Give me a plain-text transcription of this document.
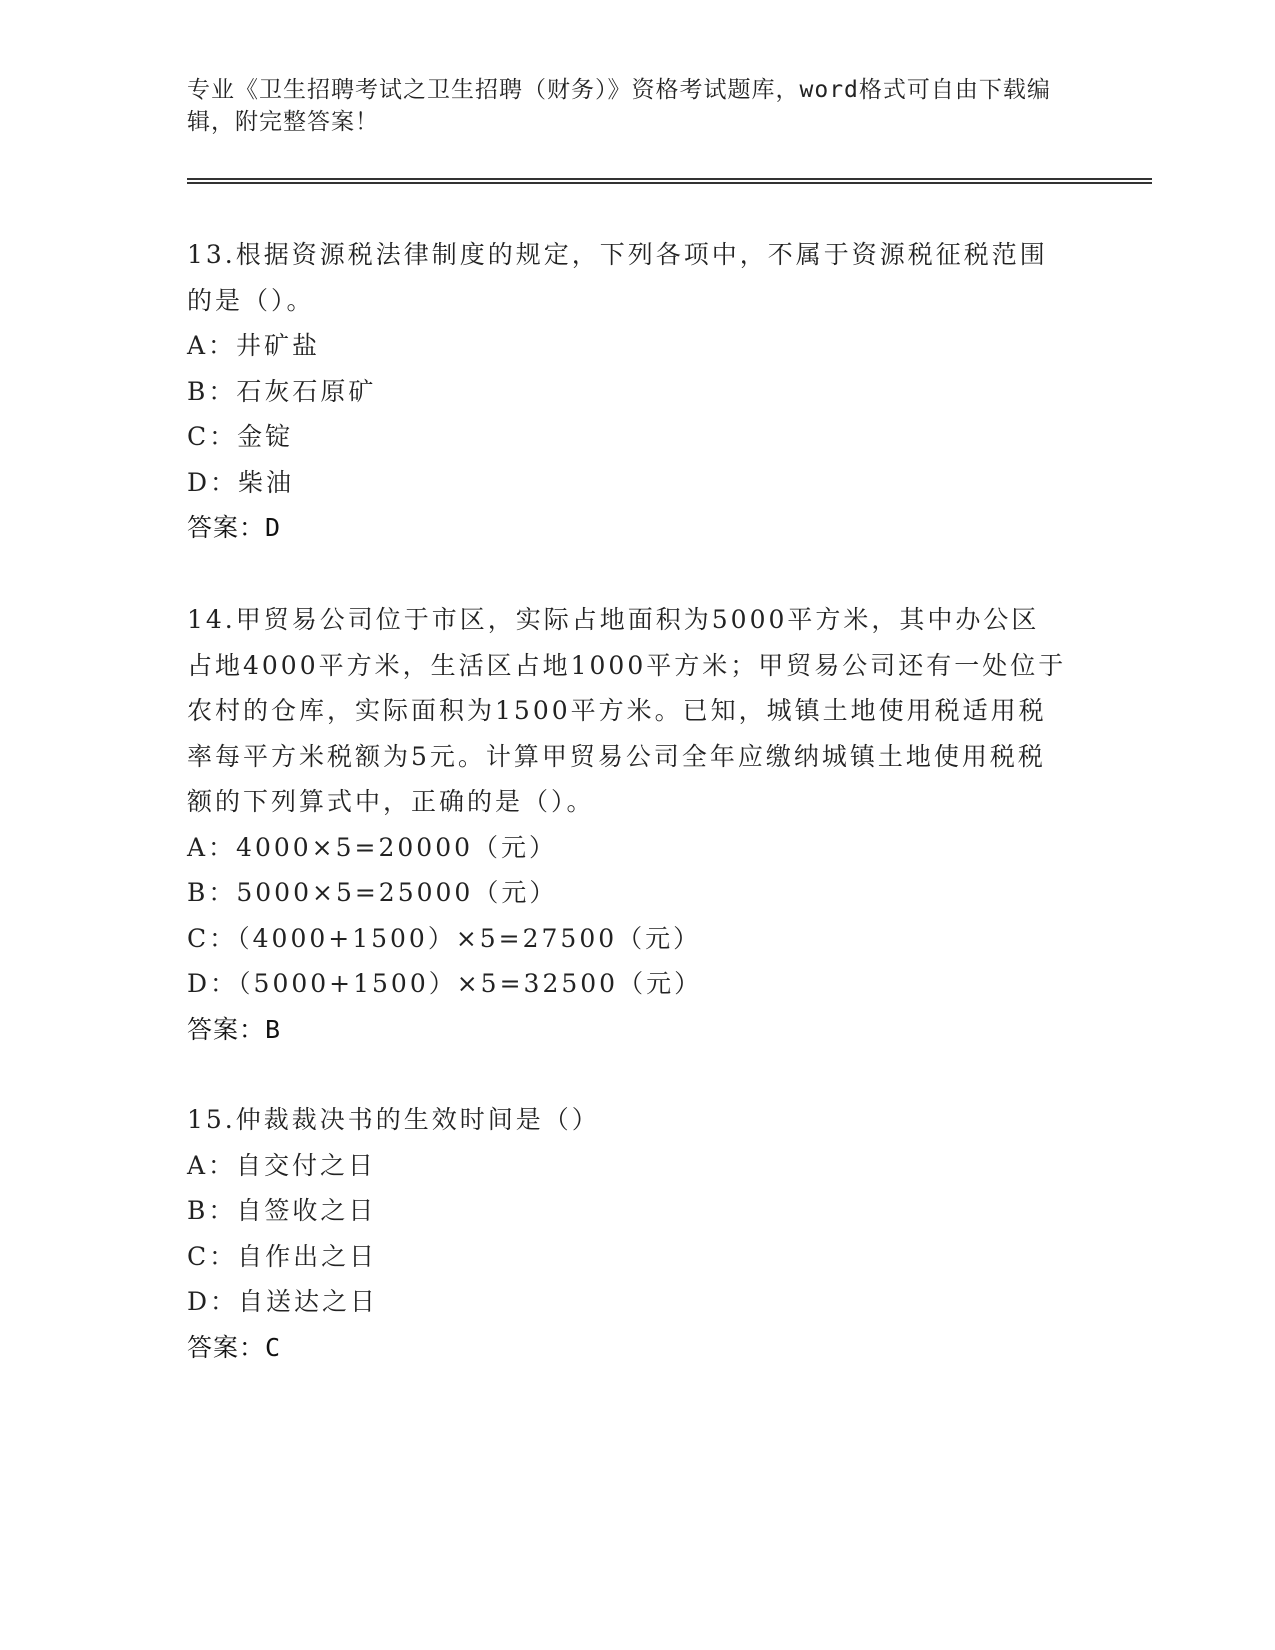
专业《卫生招聘考试之卫生招聘（财务）》资格考试题库，word格式可自由下载编辑，附完整答案！

13.根据资源税法律制度的规定，下列各项中，不属于资源税征税范围的是（）。

A：井矿盐

B：石灰石原矿

C：金锭

D：柴油

答案：D

14.甲贸易公司位于市区，实际占地面积为5000平方米，其中办公区占地4000平方米，生活区占地1000平方米；甲贸易公司还有一处位于农村的仓库，实际面积为1500平方米。已知，城镇土地使用税适用税率每平方米税额为5元。计算甲贸易公司全年应缴纳城镇土地使用税税额的下列算式中，正确的是（）。

A：4000×5=20000（元）

B：5000×5=25000（元）

C：（4000+1500）×5=27500（元）

D：（5000+1500）×5=32500（元）

答案：B

15.仲裁裁决书的生效时间是（）

A：自交付之日

B：自签收之日

C：自作出之日

D：自送达之日

答案：C
